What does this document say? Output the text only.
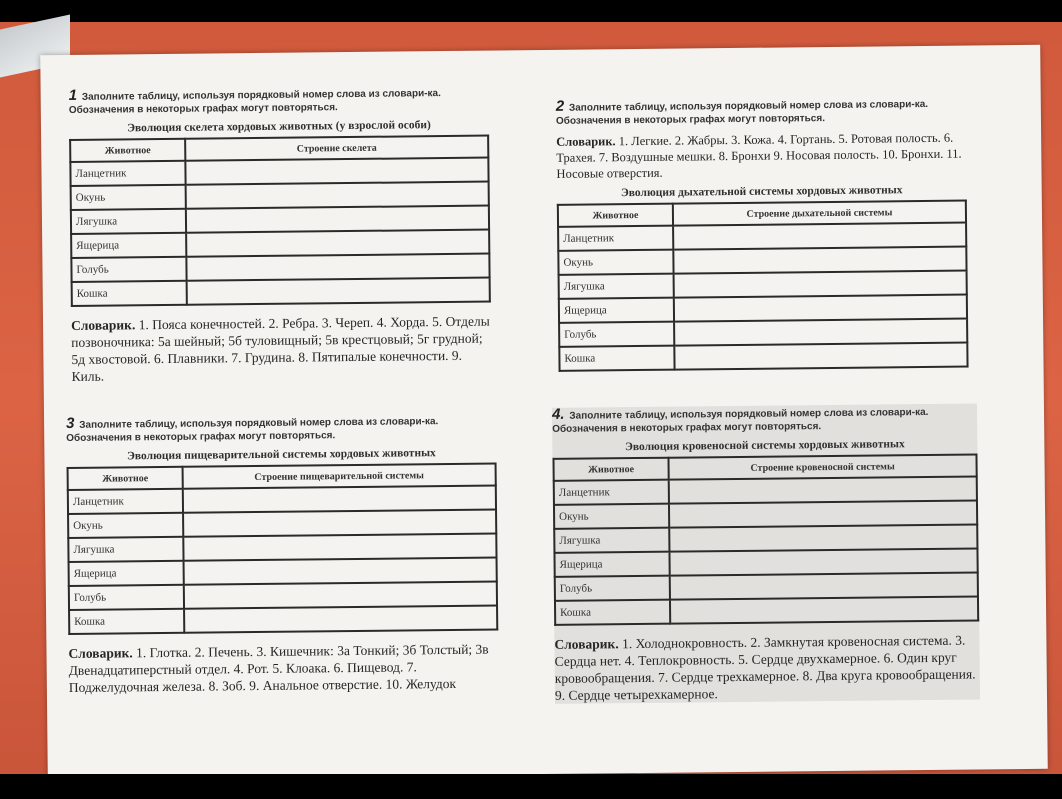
1 Заполните таблицу, используя порядковый номер слова из словари-ка. Обозначения в некоторых графах могут повторяться.
Эволюция скелета хордовых животных (у взрослой особи)
Животное	Строение скелета
Ланцетник	
Окунь	
Лягушка	
Ящерица	
Голубь	
Кошка	
Словарик. 1. Пояса конечностей. 2. Ребра. 3. Череп. 4. Хорда. 5. Отделы позвоночника: 5а шейный; 5б туловищный; 5в крестцовый; 5г грудной; 5д хвостовой. 6. Плавники. 7. Грудина. 8. Пятипалые конечности. 9. Киль.
2 Заполните таблицу, используя порядковый номер слова из словари-ка. Обозначения в некоторых графах могут повторяться.
Словарик. 1. Легкие. 2. Жабры. 3. Кожа. 4. Гортань. 5. Ротовая полость. 6. Трахея. 7. Воздушные мешки. 8. Бронхи 9. Носовая полость. 10. Бронхи. 11. Носовые отверстия.
Эволюция дыхательной системы хордовых животных
Животное	Строение дыхательной системы
Ланцетник	
Окунь	
Лягушка	
Ящерица	
Голубь	
Кошка	
3 Заполните таблицу, используя порядковый номер слова из словари-ка. Обозначения в некоторых графах могут повторяться.
Эволюция пищеварительной системы хордовых животных
Животное	Строение пищеварительной системы
Ланцетник	
Окунь	
Лягушка	
Ящерица	
Голубь	
Кошка	
Словарик. 1. Глотка. 2. Печень. 3. Кишечник: 3а Тонкий; 3б Толстый; 3в Двенадцатиперстный отдел. 4. Рот. 5. Клоака. 6. Пищевод. 7. Поджелудочная железа. 8. Зоб. 9. Анальное отверстие. 10. Желудок
4. Заполните таблицу, используя порядковый номер слова из словари-ка. Обозначения в некоторых графах могут повторяться.
Эволюция кровеносной системы хордовых животных
Животное	Строение кровеносной системы
Ланцетник	
Окунь	
Лягушка	
Ящерица	
Голубь	
Кошка	
Словарик. 1. Холоднокровность. 2. Замкнутая кровеносная система. 3. Сердца нет. 4. Теплокровность. 5. Сердце двухкамерное. 6. Один круг кровообращения. 7. Сердце трехкамерное. 8. Два круга кровообращения. 9. Сердце четырехкамерное.
